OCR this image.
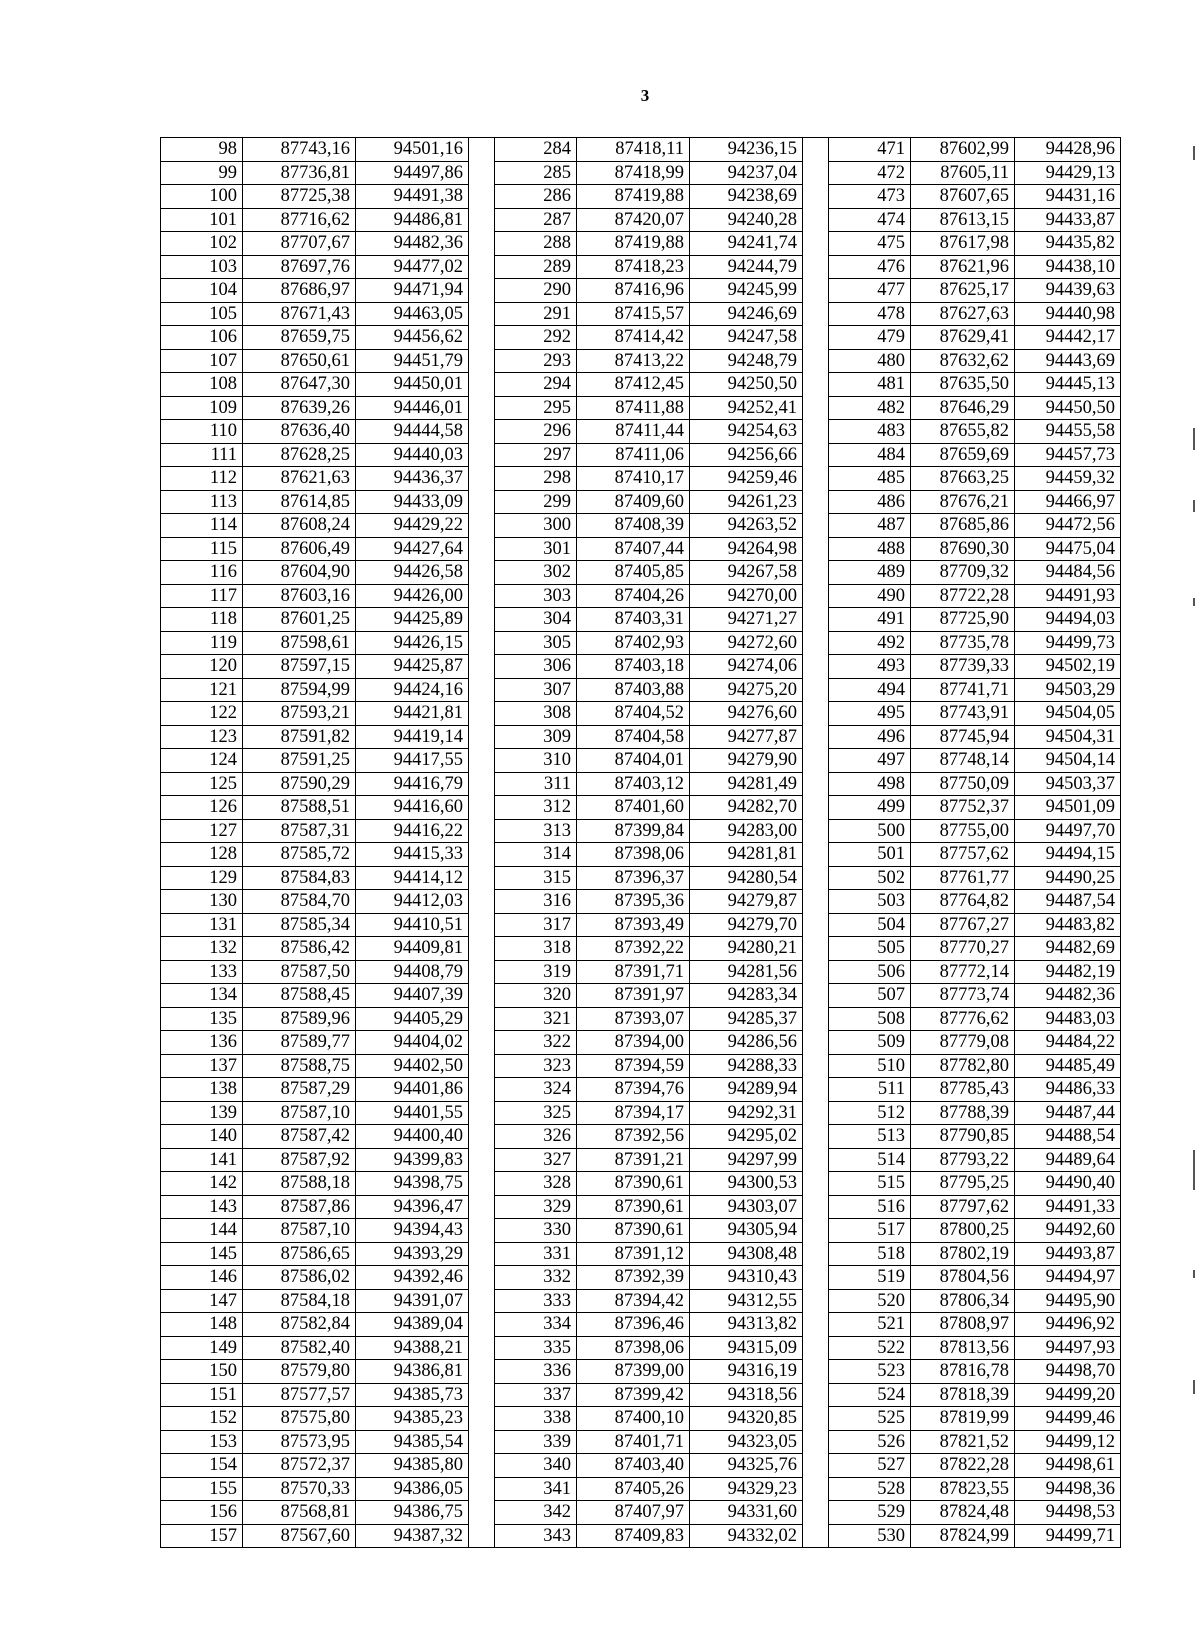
3
98	87743,16	94501,16		284	87418,11	94236,15		471	87602,99	94428,96
99	87736,81	94497,86		285	87418,99	94237,04		472	87605,11	94429,13
100	87725,38	94491,38		286	87419,88	94238,69		473	87607,65	94431,16
101	87716,62	94486,81		287	87420,07	94240,28		474	87613,15	94433,87
102	87707,67	94482,36		288	87419,88	94241,74		475	87617,98	94435,82
103	87697,76	94477,02		289	87418,23	94244,79		476	87621,96	94438,10
104	87686,97	94471,94		290	87416,96	94245,99		477	87625,17	94439,63
105	87671,43	94463,05		291	87415,57	94246,69		478	87627,63	94440,98
106	87659,75	94456,62		292	87414,42	94247,58		479	87629,41	94442,17
107	87650,61	94451,79		293	87413,22	94248,79		480	87632,62	94443,69
108	87647,30	94450,01		294	87412,45	94250,50		481	87635,50	94445,13
109	87639,26	94446,01		295	87411,88	94252,41		482	87646,29	94450,50
110	87636,40	94444,58		296	87411,44	94254,63		483	87655,82	94455,58
111	87628,25	94440,03		297	87411,06	94256,66		484	87659,69	94457,73
112	87621,63	94436,37		298	87410,17	94259,46		485	87663,25	94459,32
113	87614,85	94433,09		299	87409,60	94261,23		486	87676,21	94466,97
114	87608,24	94429,22		300	87408,39	94263,52		487	87685,86	94472,56
115	87606,49	94427,64		301	87407,44	94264,98		488	87690,30	94475,04
116	87604,90	94426,58		302	87405,85	94267,58		489	87709,32	94484,56
117	87603,16	94426,00		303	87404,26	94270,00		490	87722,28	94491,93
118	87601,25	94425,89		304	87403,31	94271,27		491	87725,90	94494,03
119	87598,61	94426,15		305	87402,93	94272,60		492	87735,78	94499,73
120	87597,15	94425,87		306	87403,18	94274,06		493	87739,33	94502,19
121	87594,99	94424,16		307	87403,88	94275,20		494	87741,71	94503,29
122	87593,21	94421,81		308	87404,52	94276,60		495	87743,91	94504,05
123	87591,82	94419,14		309	87404,58	94277,87		496	87745,94	94504,31
124	87591,25	94417,55		310	87404,01	94279,90		497	87748,14	94504,14
125	87590,29	94416,79		311	87403,12	94281,49		498	87750,09	94503,37
126	87588,51	94416,60		312	87401,60	94282,70		499	87752,37	94501,09
127	87587,31	94416,22		313	87399,84	94283,00		500	87755,00	94497,70
128	87585,72	94415,33		314	87398,06	94281,81		501	87757,62	94494,15
129	87584,83	94414,12		315	87396,37	94280,54		502	87761,77	94490,25
130	87584,70	94412,03		316	87395,36	94279,87		503	87764,82	94487,54
131	87585,34	94410,51		317	87393,49	94279,70		504	87767,27	94483,82
132	87586,42	94409,81		318	87392,22	94280,21		505	87770,27	94482,69
133	87587,50	94408,79		319	87391,71	94281,56		506	87772,14	94482,19
134	87588,45	94407,39		320	87391,97	94283,34		507	87773,74	94482,36
135	87589,96	94405,29		321	87393,07	94285,37		508	87776,62	94483,03
136	87589,77	94404,02		322	87394,00	94286,56		509	87779,08	94484,22
137	87588,75	94402,50		323	87394,59	94288,33		510	87782,80	94485,49
138	87587,29	94401,86		324	87394,76	94289,94		511	87785,43	94486,33
139	87587,10	94401,55		325	87394,17	94292,31		512	87788,39	94487,44
140	87587,42	94400,40		326	87392,56	94295,02		513	87790,85	94488,54
141	87587,92	94399,83		327	87391,21	94297,99		514	87793,22	94489,64
142	87588,18	94398,75		328	87390,61	94300,53		515	87795,25	94490,40
143	87587,86	94396,47		329	87390,61	94303,07		516	87797,62	94491,33
144	87587,10	94394,43		330	87390,61	94305,94		517	87800,25	94492,60
145	87586,65	94393,29		331	87391,12	94308,48		518	87802,19	94493,87
146	87586,02	94392,46		332	87392,39	94310,43		519	87804,56	94494,97
147	87584,18	94391,07		333	87394,42	94312,55		520	87806,34	94495,90
148	87582,84	94389,04		334	87396,46	94313,82		521	87808,97	94496,92
149	87582,40	94388,21		335	87398,06	94315,09		522	87813,56	94497,93
150	87579,80	94386,81		336	87399,00	94316,19		523	87816,78	94498,70
151	87577,57	94385,73		337	87399,42	94318,56		524	87818,39	94499,20
152	87575,80	94385,23		338	87400,10	94320,85		525	87819,99	94499,46
153	87573,95	94385,54		339	87401,71	94323,05		526	87821,52	94499,12
154	87572,37	94385,80		340	87403,40	94325,76		527	87822,28	94498,61
155	87570,33	94386,05		341	87405,26	94329,23		528	87823,55	94498,36
156	87568,81	94386,75		342	87407,97	94331,60		529	87824,48	94498,53
157	87567,60	94387,32		343	87409,83	94332,02		530	87824,99	94499,71
